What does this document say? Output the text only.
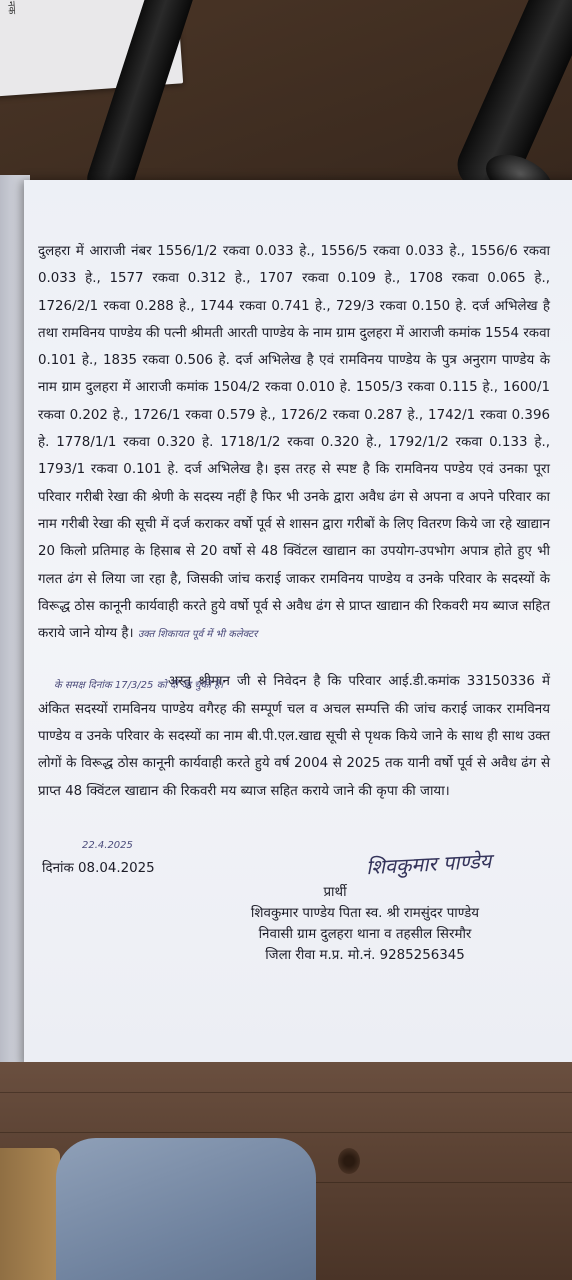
नक

दुलहरा में आराजी नंबर 1556/1/2 रकवा 0.033 हे., 1556/5 रकवा 0.033 हे., 1556/6 रकवा 0.033 हे., 1577 रकवा 0.312 हे., 1707 रकवा 0.109 हे., 1708 रकवा 0.065 हे., 1726/2/1 रकवा 0.288 हे., 1744 रकवा 0.741 हे., 729/3 रकवा 0.150 हे. दर्ज अभिलेख है तथा रामविनय पाण्डेय की पत्नी श्रीमती आरती पाण्डेय के नाम ग्राम दुलहरा में आराजी कमांक 1554 रकवा 0.101 हे., 1835 रकवा 0.506 हे. दर्ज अभिलेख है एवं रामविनय पाण्डेय के पुत्र अनुराग पाण्डेय के नाम ग्राम दुलहरा में आराजी कमांक 1504/2 रकवा 0.010 हे. 1505/3 रकवा 0.115 हे., 1600/1 रकवा 0.202 हे., 1726/1 रकवा 0.579 हे., 1726/2 रकवा 0.287 हे., 1742/1 रकवा 0.396 हे. 1778/1/1 रकवा 0.320 हे. 1718/1/2 रकवा 0.320 हे., 1792/1/2 रकवा 0.133 हे., 1793/1 रकवा 0.101 हे. दर्ज अभिलेख है। इस तरह से स्पष्ट है कि रामविनय पण्डेय एवं उनका पूरा परिवार गरीबी रेखा की श्रेणी के सदस्य नहीं है फिर भी उनके द्वारा अवैध ढंग से अपना व अपने परिवार का नाम गरीबी रेखा की सूची में दर्ज कराकर वर्षो पूर्व से शासन द्वारा गरीबों के लिए वितरण किये जा रहे खाद्यान 20 किलो प्रतिमाह के हिसाब से 20 वर्षो से 48 क्विंटल खाद्यान का उपयोग-उपभोग अपात्र होते हुए भी गलत ढंग से लिया जा रहा है, जिसकी जांच कराई जाकर रामविनय पाण्डेय व उनके परिवार के सदस्यों के विरूद्ध ठोस कानूनी कार्यवाही करते हुये वर्षो पूर्व से अवैध ढंग से प्राप्त खाद्यान की रिकवरी मय ब्याज सहित कराये जाने योग्य है। उक्त शिकायत पूर्व में भी कलेक्टर

अस्तु श्रीमान जी से निवेदन है कि परिवार आई.डी.कमांक 33150336 में अंकित सदस्यों रामविनय पाण्डेय वगैरह की सम्पूर्ण चल व अचल सम्पत्ति की जांच कराई जाकर रामविनय पाण्डेय व उनके परिवार के सदस्यों का नाम बी.पी.एल.खाद्य सूची से पृथक किये जाने के साथ ही साथ उक्त लोगों के विरूद्ध ठोस कानूनी कार्यवाही करते हुये वर्ष 2004 से 2025 तक यानी वर्षो पूर्व से अवैध ढंग से प्राप्त 48 क्विंटल खाद्यान की रिकवरी मय ब्याज सहित कराये जाने की कृपा की जाया।

के समक्ष दिनांक 17/3/25 को दी जा चुकी है।
22.4.2025
दिनांक 08.04.2025	शिवकुमार पाण्डेय
प्रार्थी
शिवकुमार पाण्डेय पिता स्व. श्री रामसुंदर पाण्डेय
निवासी ग्राम दुलहरा थाना व तहसील सिरमौर
जिला रीवा म.प्र. मो.नं. 9285256345
